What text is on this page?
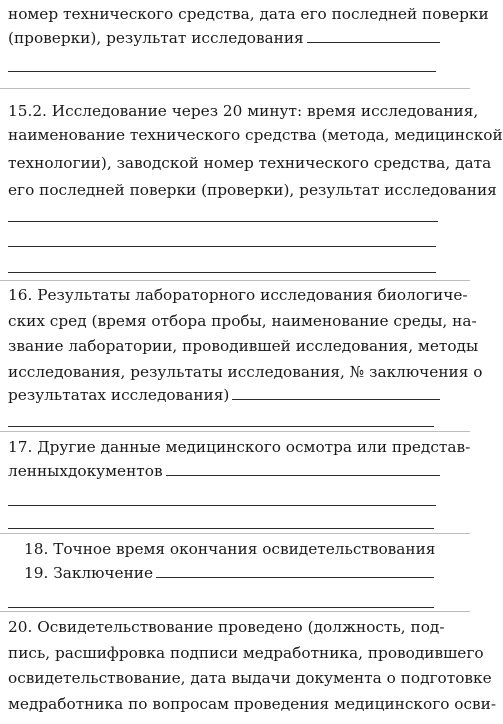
номер технического средства, дата его последней поверки
(проверки), результат исследования
15.2. Исследование через 20 минут: время исследования,
наименование технического средства (метода, медицинской
технологии), заводской номер технического средства, дата
его последней поверки (проверки), результат исследования
16. Результаты лабораторного исследования биологиче-
ских сред (время отбора пробы, наименование среды, на-
звание лаборатории, проводившей исследования, методы
исследования, результаты исследования, № заключения о
результатах исследования)
17. Другие данные медицинского осмотра или представ-
ленныхдокументов
18. Точное время окончания освидетельствования
19. Заключение
20. Освидетельствование проведено (должность, под-
пись, расшифровка подписи медработника, проводившего
освидетельствование, дата выдачи документа о подготовке
медработника по вопросам проведения медицинского осви-
